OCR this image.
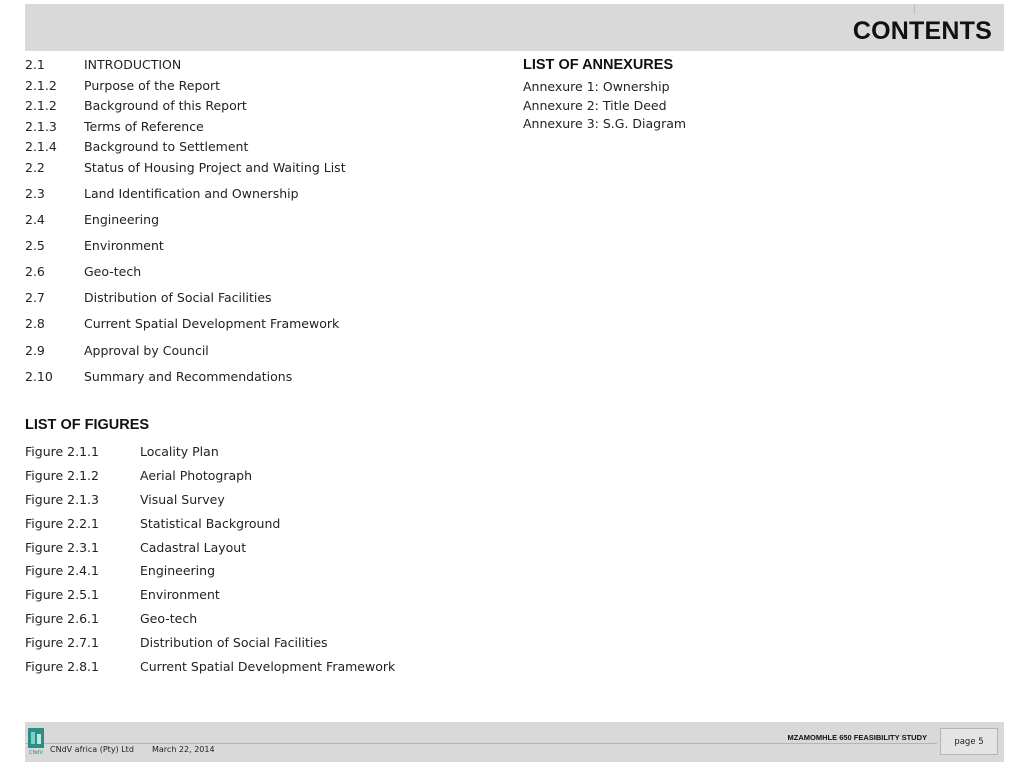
CONTENTS
2.1	INTRODUCTION
2.1.2 Purpose of the Report
2.1.2 Background of this Report
2.1.3 Terms of Reference
2.1.4 Background to Settlement
2.2	Status of Housing Project and Waiting List
2.3	Land Identification and Ownership
2.4	Engineering
2.5	Environment
2.6	Geo-tech
2.7	Distribution of Social Facilities
2.8	Current Spatial Development Framework
2.9	Approval by Council
2.10 Summary and Recommendations
LIST OF FIGURES
Figure 2.1.1	Locality Plan
Figure 2.1.2	Aerial Photograph
Figure 2.1.3	Visual Survey
Figure 2.2.1	Statistical Background
Figure 2.3.1	Cadastral Layout
Figure 2.4.1	Engineering
Figure 2.5.1	Environment
Figure 2.6.1	Geo-tech
Figure 2.7.1	Distribution of Social Facilities
Figure 2.8.1	Current Spatial Development Framework
LIST OF ANNEXURES
Annexure 1: Ownership
Annexure 2: Title Deed
Annexure 3: S.G. Diagram
CNdV CNdV africa (Pty) Ltd March 22, 2014
MZAMOMHLE 650 FEASIBILITY STUDY	page 5
